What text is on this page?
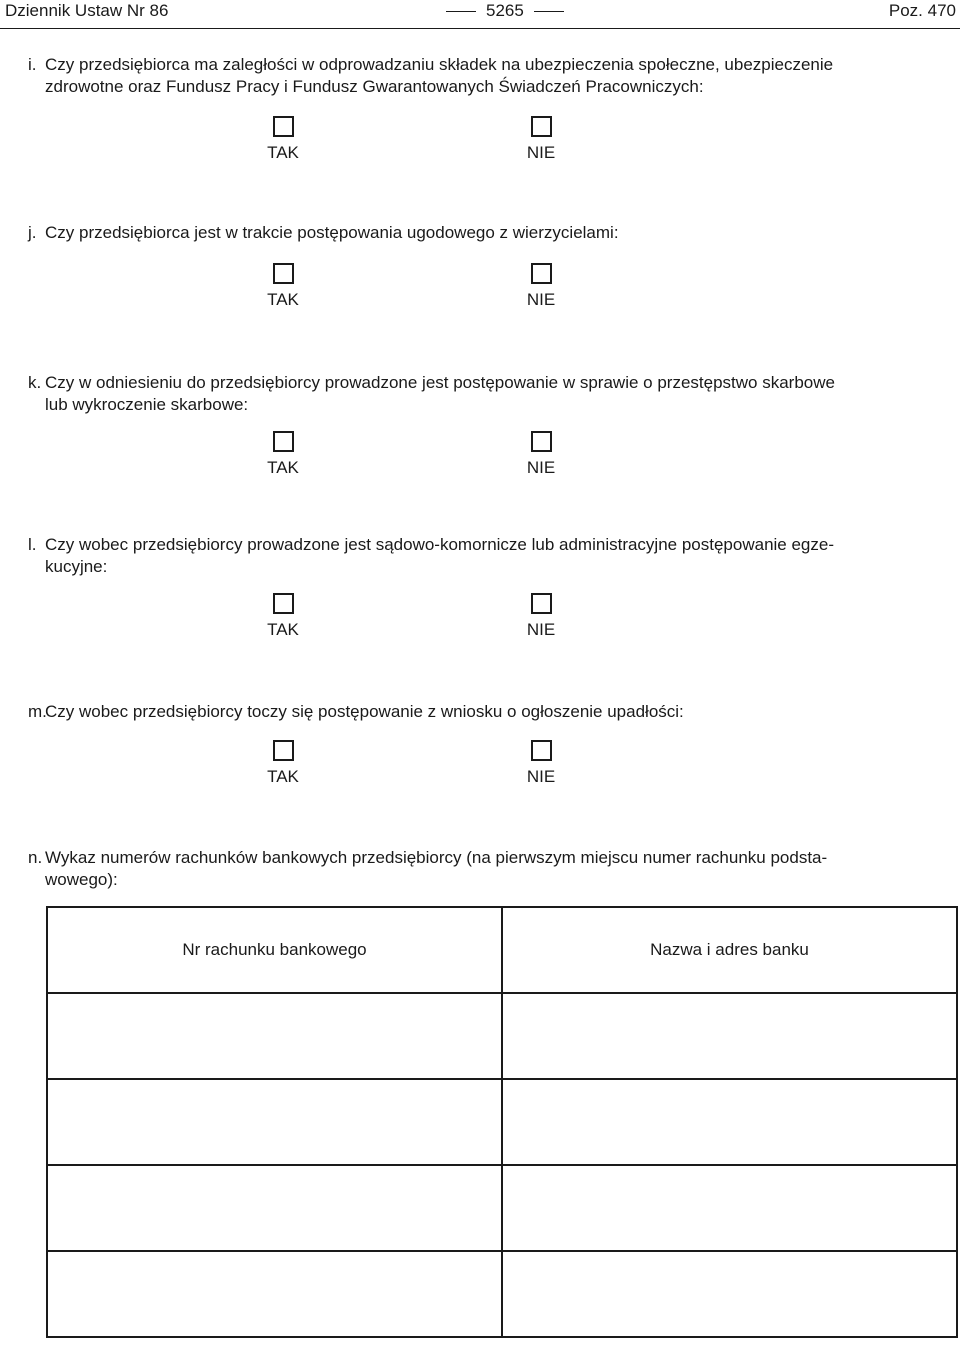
Dziennik Ustaw Nr 86	5265	Poz. 470
i. Czy przedsiębiorca ma zaległości w odprowadzaniu składek na ubezpieczenia społeczne, ubezpieczenie
zdrowotne oraz Fundusz Pracy i Fundusz Gwarantowanych Świadczeń Pracowniczych:
TAK	NIE
j. Czy przedsiębiorca jest w trakcie postępowania ugodowego z wierzycielami:
TAK	NIE
k. Czy w odniesieniu do przedsiębiorcy prowadzone jest postępowanie w sprawie o przestępstwo skarbowe
lub wykroczenie skarbowe:
TAK	NIE
l. Czy wobec przedsiębiorcy prowadzone jest sądowo-komornicze lub administracyjne postępowanie egze-
kucyjne:
TAK	NIE
m.Czy wobec przedsiębiorcy toczy się postępowanie z wniosku o ogłoszenie upadłości:
TAK	NIE
n. Wykaz numerów rachunków bankowych przedsiębiorcy (na pierwszym miejscu numer rachunku podsta-
wowego):
Nr rachunku bankowego	Nazwa i adres banku
